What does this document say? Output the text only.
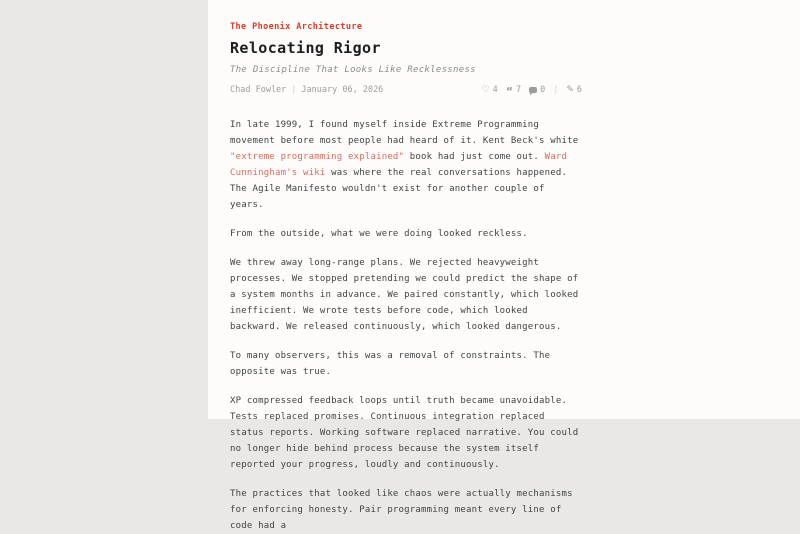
The Phoenix Architecture
Relocating Rigor
The Discipline That Looks Like Recklessness
Chad Fowler | January 06, 2026	♡ 4 “ 7 0 | ✎ 6

In late 1999, I found myself inside Extreme Programming movement before most people had heard of it. Kent Beck's white "extreme programming explained" book had just come out. Ward Cunningham's wiki was where the real conversations happened. The Agile Manifesto wouldn't exist for another couple of years.

From the outside, what we were doing looked reckless.

We threw away long-range plans. We rejected heavyweight processes. We stopped pretending we could predict the shape of a system months in advance. We paired constantly, which looked inefficient. We wrote tests before code, which looked backward. We released continuously, which looked dangerous.

To many observers, this was a removal of constraints. The opposite was true.

XP compressed feedback loops until truth became unavoidable. Tests replaced promises. Continuous integration replaced status reports. Working software replaced narrative. You could no longer hide behind process because the system itself reported your progress, loudly and continuously.

The practices that looked like chaos were actually mechanisms for enforcing honesty. Pair programming meant every line of code had a
